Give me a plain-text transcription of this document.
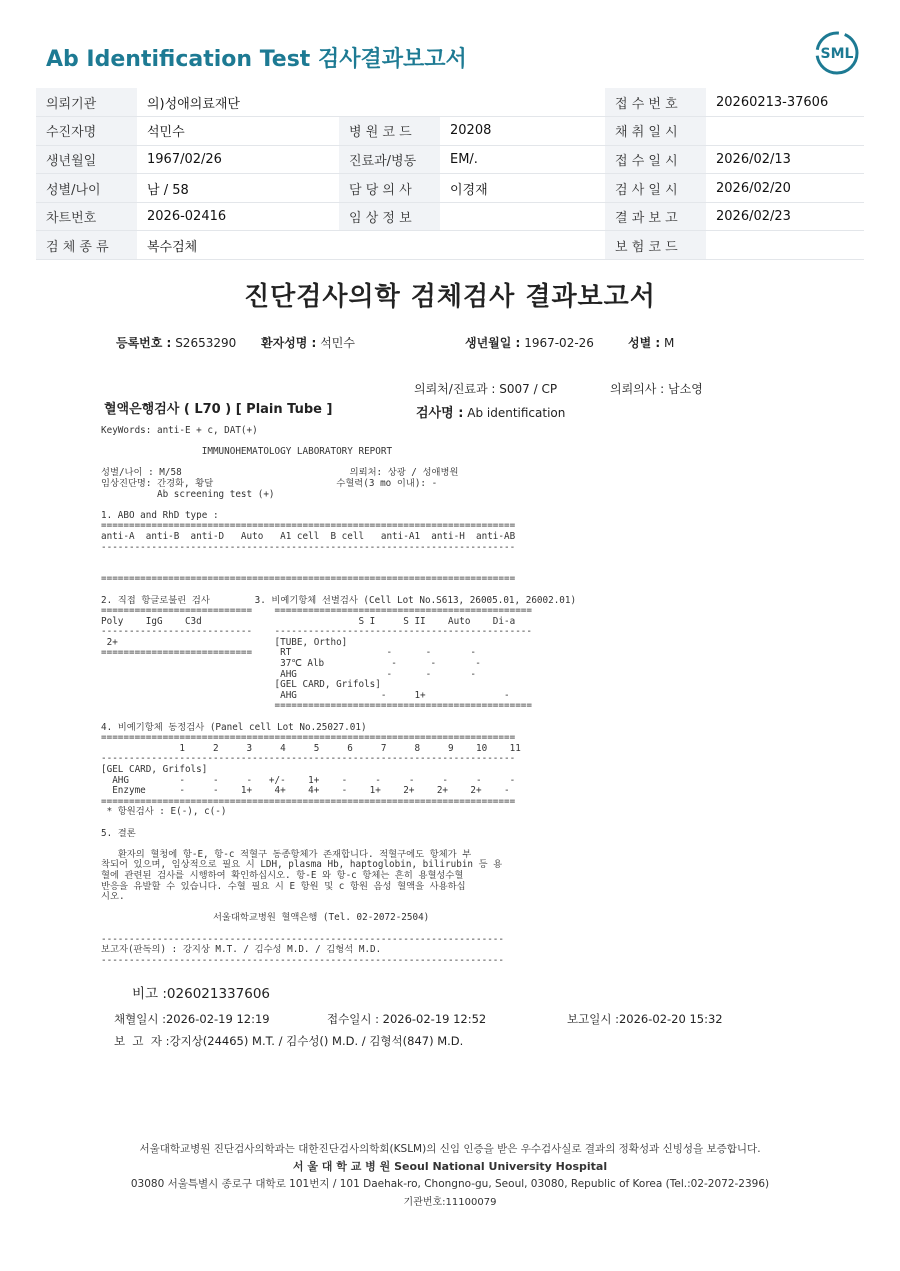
Ab Identification Test 검사결과보고서	SML
의뢰기관	의)성애의료재단			접 수 번 호	20260213-37606
수진자명	석민수	병 원 코 드	20208	채 취 일 시	
생년월일	1967/02/26	진료과/병동	EM/.	접 수 일 시	2026/02/13
성별/나이	남 / 58	담 당 의 사	이경재	검 사 일 시	2026/02/20
차트번호	2026-02416	임 상 정 보		결 과 보 고	2026/02/23
검 체 종 류	복수검체			보 험 코 드	
진단검사의학 검체검사 결과보고서
등록번호 : S2653290 환자성명 : 석민수	생년월일 : 1967-02-26	성별 : M
의뢰처/진료과 : S007 / CP	의뢰의사 : 남소영
혈액은행검사 ( L70 ) [ Plain Tube ]	검사명 : Ab identification
KeyWords: anti-E + c, DAT(+)
IMMUNOHEMATOLOGY LABORATORY REPORT
성별/나이 : M/58                              의뢰처: 상광 / 성애병원
임상진단명: 간경화, 황달                      수혈력(3 mo 이내): -
Ab screening test (+)
1. ABO and RhD type :
==========================================================================
anti-A  anti-B  anti-D   Auto   A1 cell  B cell   anti-A1  anti-H  anti-AB
--------------------------------------------------------------------------
==========================================================================
2. 직접 항글로불린 검사        3. 비예기항체 선별검사 (Cell Lot No.S613, 26005.01, 26002.01)
===========================    ==============================================
Poly    IgG    C3d                            S I     S II    Auto    Di-a
---------------------------    ----------------------------------------------
2+                            [TUBE, Ortho]
===========================     RT                 -      -       -
37℃ Alb            -      -       -
AHG                -      -       -
[GEL CARD, Grifols]
AHG               -     1+              -
==============================================
4. 비예기항체 동정검사 (Panel cell Lot No.25027.01)
==========================================================================
1     2     3     4     5     6     7     8     9    10    11
--------------------------------------------------------------------------
[GEL CARD, Grifols]
AHG         -     -     -   +/-    1+    -     -     -     -     -     -
Enzyme      -     -    1+    4+    4+    -    1+    2+    2+    2+    -
==========================================================================
* 항원검사 : E(-), c(-)
5. 결론
환자의 혈청에 항-E, 항-c 적혈구 동종항체가 존재합니다. 적혈구에도 항체가 부
착되어 있으며, 임상적으로 필요 시 LDH, plasma Hb, haptoglobin, bilirubin 등 용
혈에 관련된 검사를 시행하여 확인하십시오. 항-E 와 항-c 항체는 흔히 용혈성수혈
반응을 유발할 수 있습니다. 수혈 필요 시 E 항원 및 c 항원 음성 혈액을 사용하십
시오.
서울대학교병원 혈액은행 (Tel. 02-2072-2504)
------------------------------------------------------------------------
보고자(판독의) : 강지상 M.T. / 김수성 M.D. / 김형석 M.D.
------------------------------------------------------------------------
비고 :026021337606
채혈일시 :2026-02-19 12:19	접수일시 : 2026-02-19 12:52	보고일시 :2026-02-20 15:32
보  고  자 :강지상(24465) M.T. / 김수성() M.D. / 김형석(847) M.D.
서울대학교병원 진단검사의학과는 대한진단검사의학회(KSLM)의 신임 인증을 받은 우수검사실로 결과의 정확성과 신빙성을 보증합니다.
서 울 대 학 교 병 원 Seoul National University Hospital
03080 서울특별시 종로구 대학로 101번지 / 101 Daehak-ro, Chongno-gu, Seoul, 03080, Republic of Korea (Tel.:02-2072-2396)
기관번호:11100079
